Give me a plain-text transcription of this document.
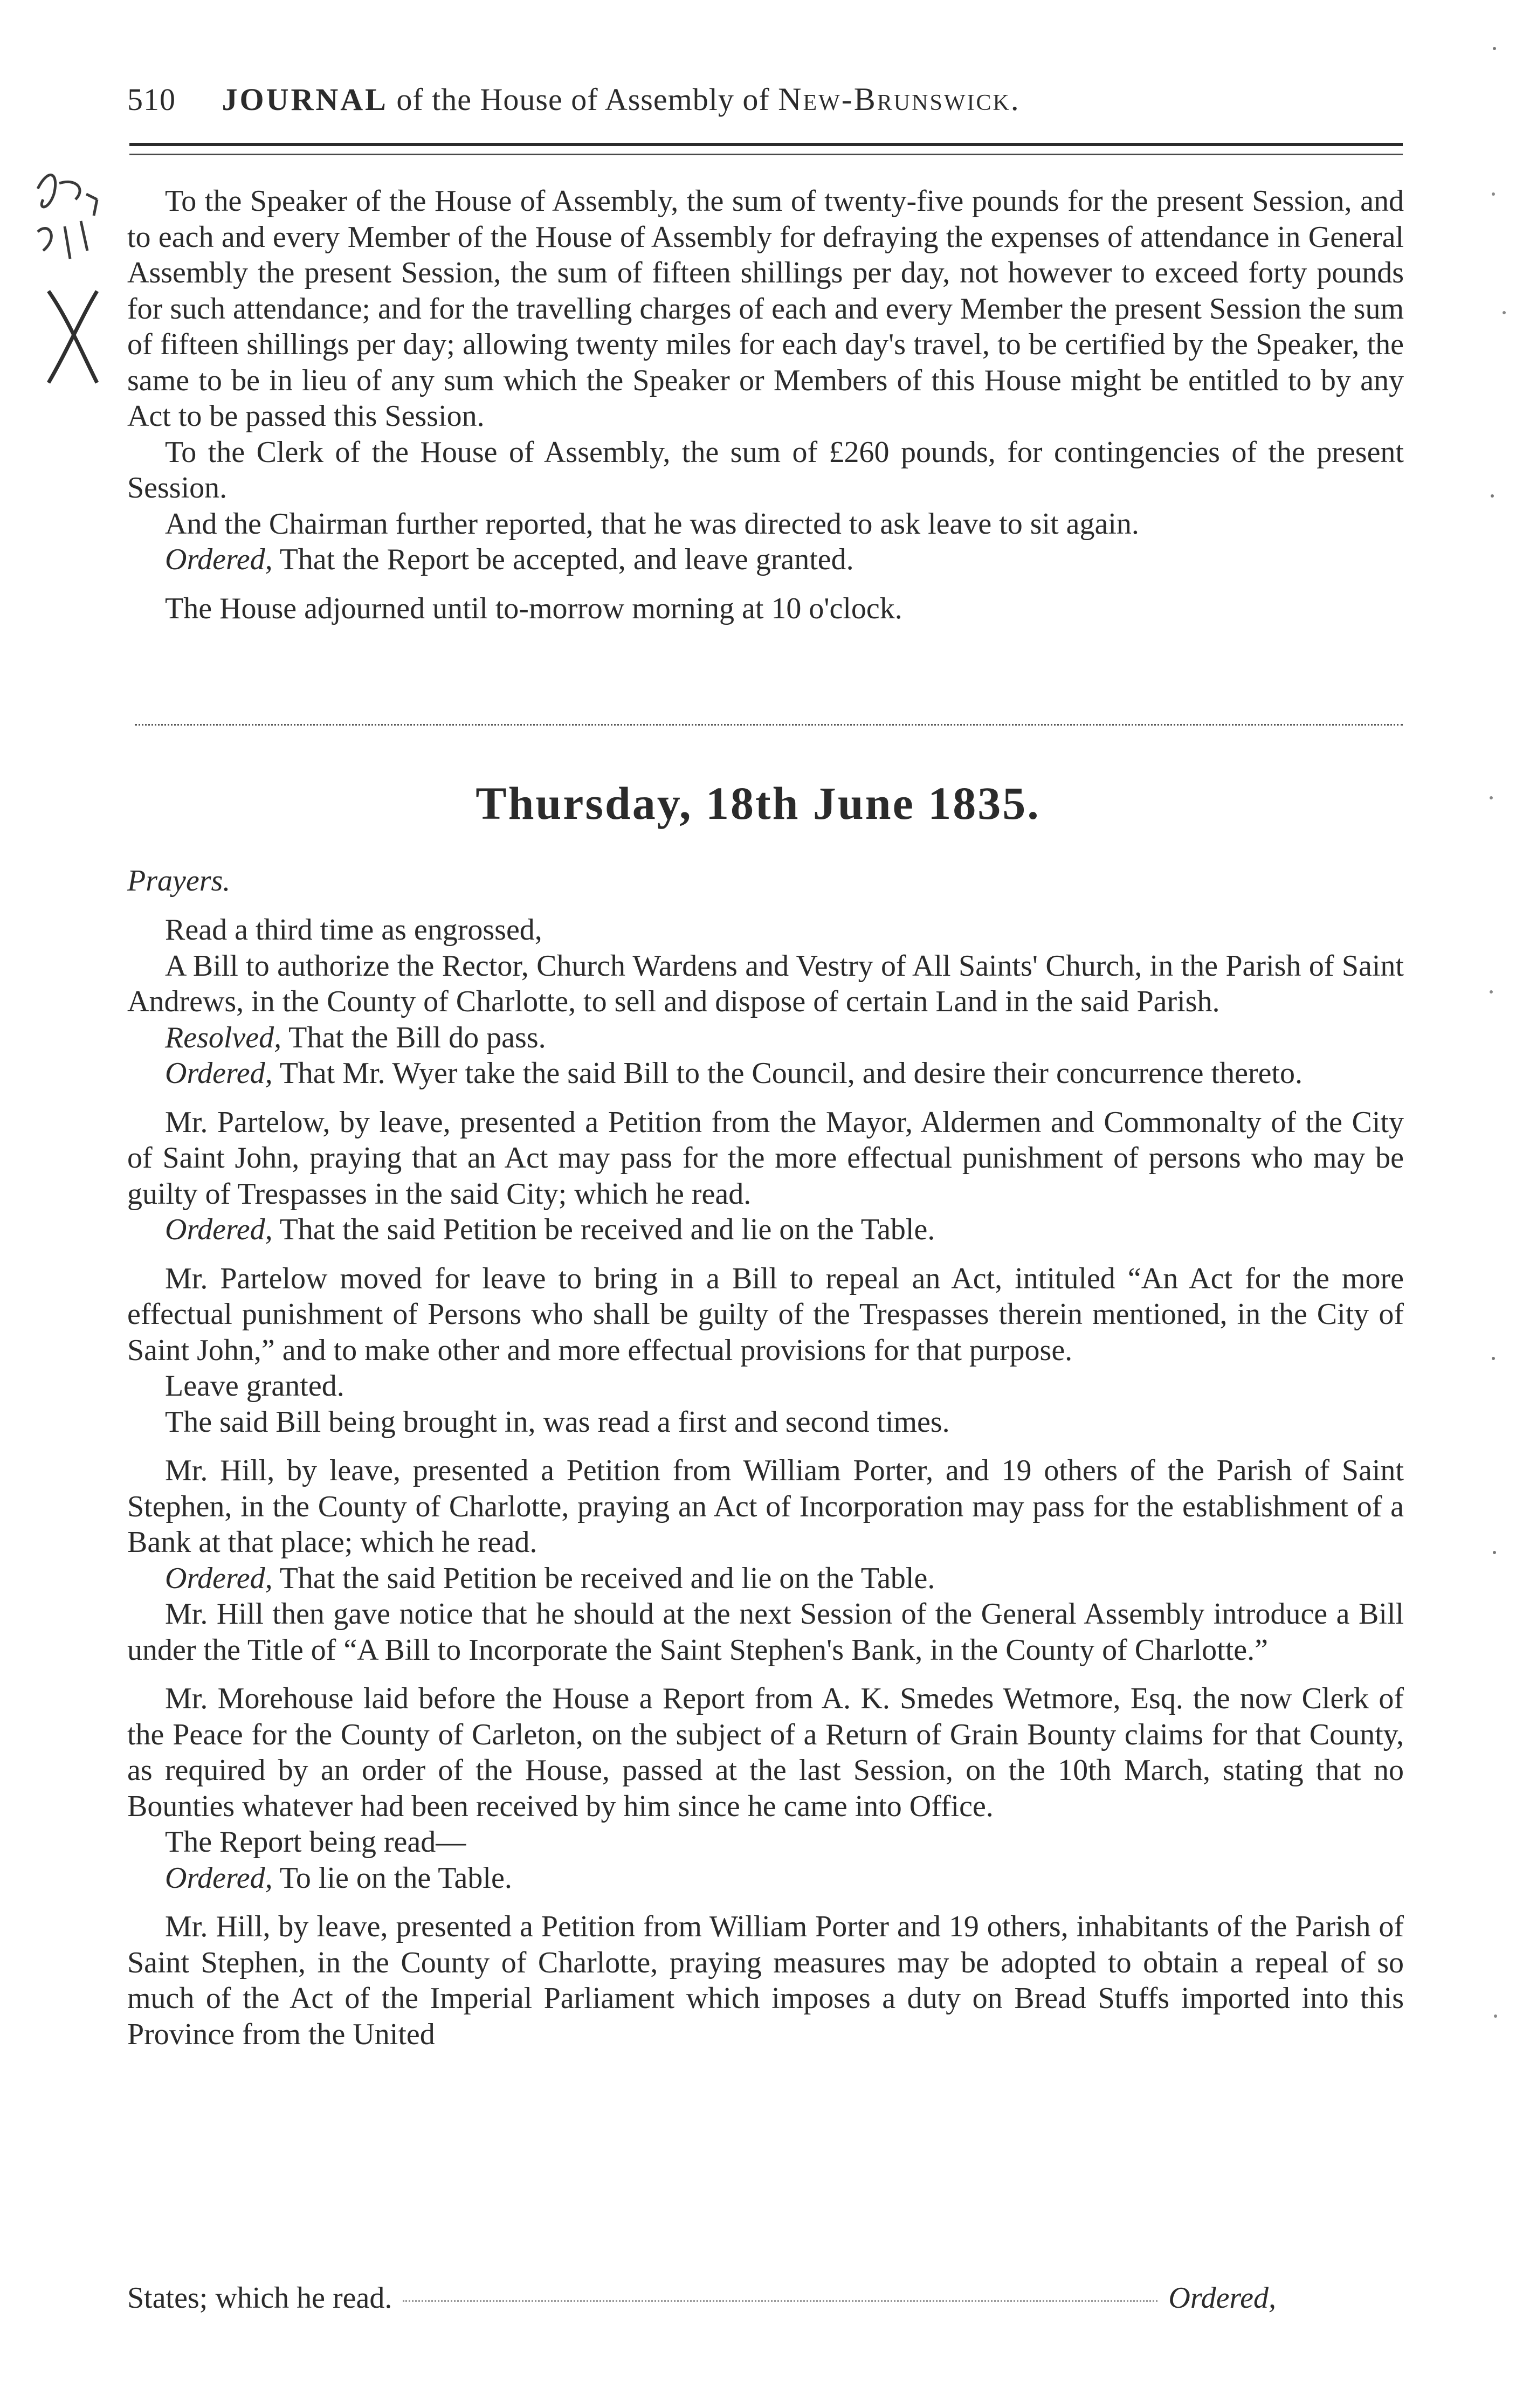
510 JOURNAL of the House of Assembly of New-Brunswick.

To the Speaker of the House of Assembly, the sum of twenty-five pounds for the present Session, and to each and every Member of the House of Assembly for defraying the expenses of attendance in General Assembly the present Session, the sum of fifteen shillings per day, not however to exceed forty pounds for such attendance; and for the travelling charges of each and every Member the present Session the sum of fifteen shillings per day; allowing twenty miles for each day's travel, to be certified by the Speaker, the same to be in lieu of any sum which the Speaker or Members of this House might be entitled to by any Act to be passed this Session.

To the Clerk of the House of Assembly, the sum of £260 pounds, for contingencies of the present Session.

And the Chairman further reported, that he was directed to ask leave to sit again.

Ordered, That the Report be accepted, and leave granted.

The House adjourned until to-morrow morning at 10 o'clock.

Thursday, 18th June 1835.
Prayers.

Read a third time as engrossed,

A Bill to authorize the Rector, Church Wardens and Vestry of All Saints' Church, in the Parish of Saint Andrews, in the County of Charlotte, to sell and dispose of certain Land in the said Parish.

Resolved, That the Bill do pass.

Ordered, That Mr. Wyer take the said Bill to the Council, and desire their concurrence thereto.

Mr. Partelow, by leave, presented a Petition from the Mayor, Aldermen and Commonalty of the City of Saint John, praying that an Act may pass for the more effectual punishment of persons who may be guilty of Trespasses in the said City; which he read.

Ordered, That the said Petition be received and lie on the Table.

Mr. Partelow moved for leave to bring in a Bill to repeal an Act, intituled “An Act for the more effectual punishment of Persons who shall be guilty of the Trespasses therein mentioned, in the City of Saint John,” and to make other and more effectual provisions for that purpose.

Leave granted.

The said Bill being brought in, was read a first and second times.

Mr. Hill, by leave, presented a Petition from William Porter, and 19 others of the Parish of Saint Stephen, in the County of Charlotte, praying an Act of Incorporation may pass for the establishment of a Bank at that place; which he read.

Ordered, That the said Petition be received and lie on the Table.

Mr. Hill then gave notice that he should at the next Session of the General Assembly introduce a Bill under the Title of “A Bill to Incorporate the Saint Stephen's Bank, in the County of Charlotte.”

Mr. Morehouse laid before the House a Report from A. K. Smedes Wetmore, Esq. the now Clerk of the Peace for the County of Carleton, on the subject of a Return of Grain Bounty claims for that County, as required by an order of the House, passed at the last Session, on the 10th March, stating that no Bounties whatever had been received by him since he came into Office.

The Report being read—

Ordered, To lie on the Table.

Mr. Hill, by leave, presented a Petition from William Porter and 19 others, inhabitants of the Parish of Saint Stephen, in the County of Charlotte, praying measures may be adopted to obtain a repeal of so much of the Act of the Imperial Parliament which imposes a duty on Bread Stuffs imported into this Province from the United

States; which he read.	Ordered,
